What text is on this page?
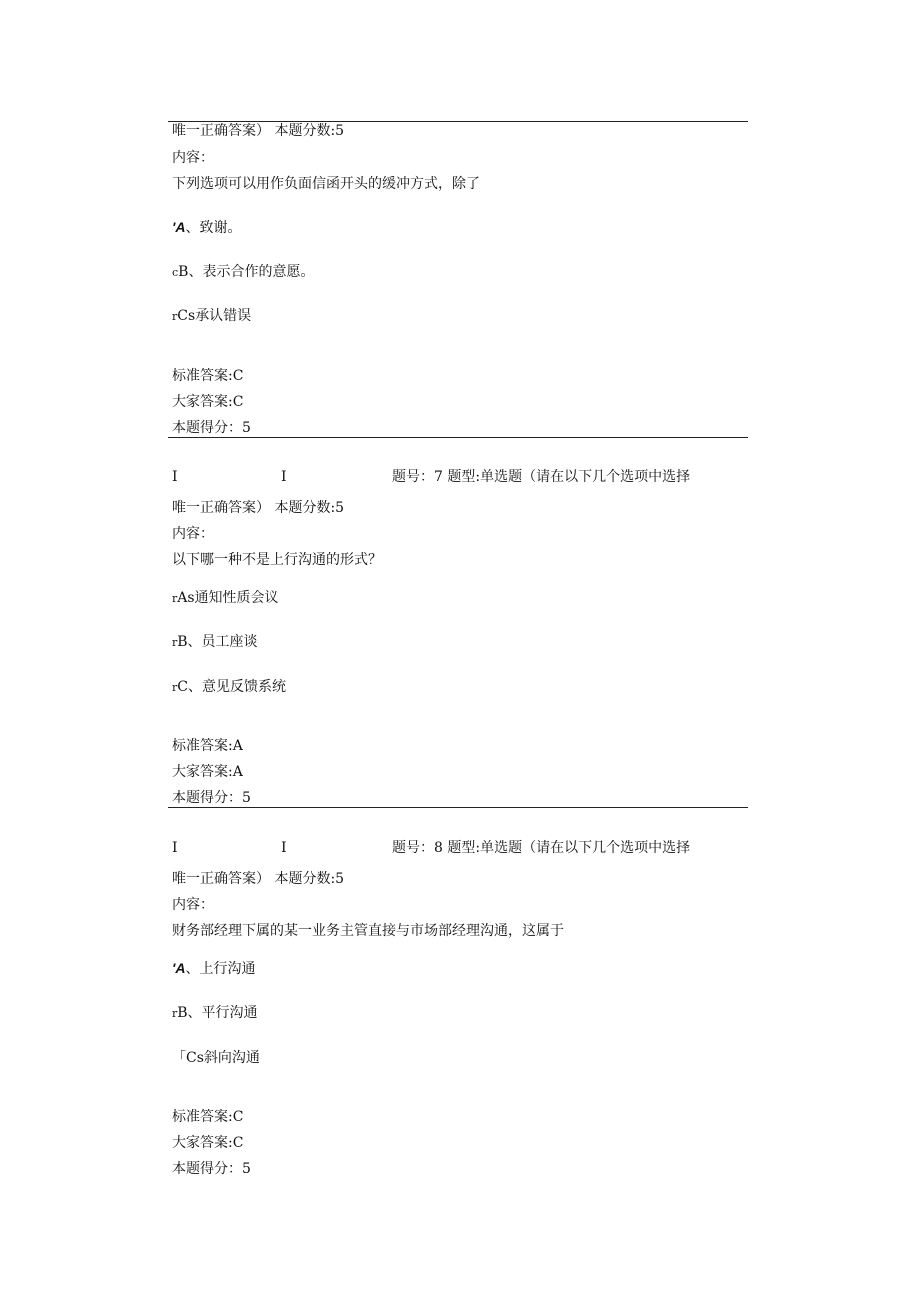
唯一正确答案） 本题分数:5
内容：
下列选项可以用作负面信函开头的缓冲方式，除了
'A、致谢。
cB、表示合作的意愿。
rCs承认错误
标准答案:C
大家答案:C
本题得分：5
I	I	题号：7 题型:单选题（请在以下几个选项中选择
唯一正确答案） 本题分数:5
内容：
以下哪一种不是上行沟通的形式？
rAs通知性质会议
rB、员工座谈
rC、意见反馈系统
标准答案:A
大家答案:A
本题得分：5
I	I	题号：8 题型:单选题（请在以下几个选项中选择
唯一正确答案） 本题分数:5
内容：
财务部经理下属的某一业务主管直接与市场部经理沟通，这属于
'A、上行沟通
rB、平行沟通
「Cs斜向沟通
标准答案:C
大家答案:C
本题得分：5
